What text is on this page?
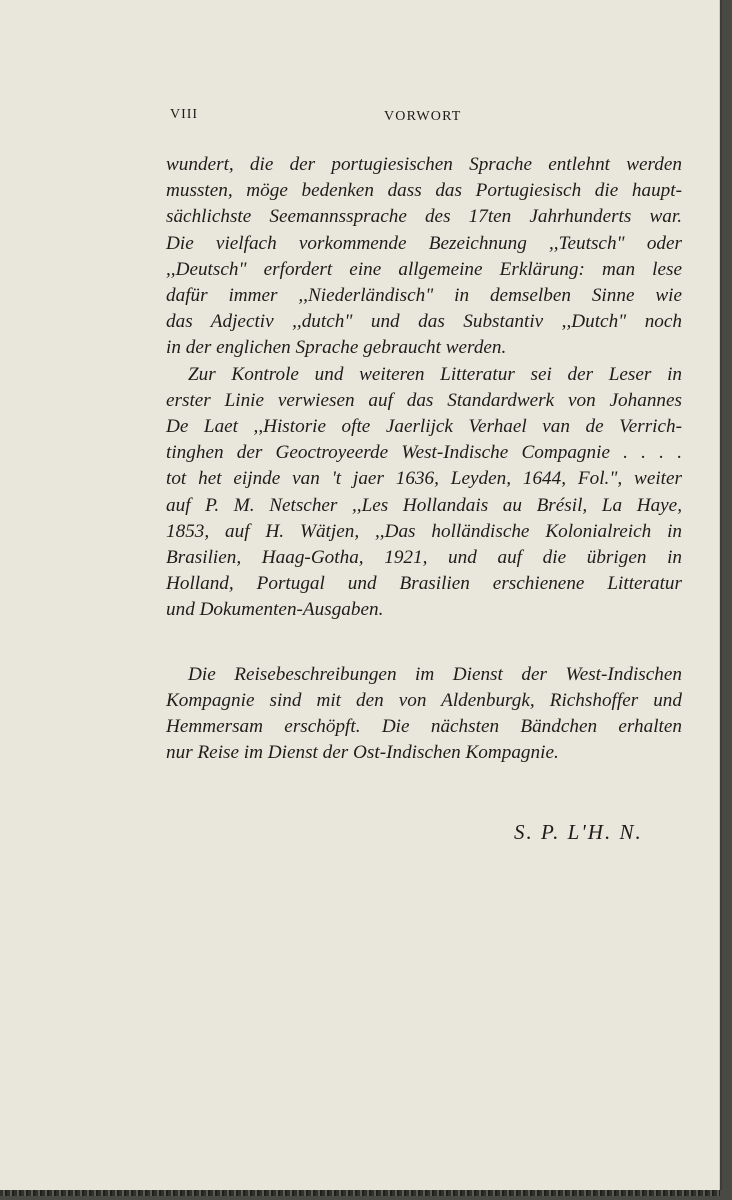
VIII	VORWORT

wundert, die der portugiesischen Sprache entlehnt werden
mussten, möge bedenken dass das Portugiesisch die haupt-
sächlichste Seemannssprache des 17ten Jahrhunderts war.
Die vielfach vorkommende Bezeichnung ,,Teutsch" oder
,,Deutsch" erfordert eine allgemeine Erklärung: man lese
dafür immer ,,Niederländisch" in demselben Sinne wie
das Adjectiv ,,dutch" und das Substantiv ,,Dutch" noch
in der englichen Sprache gebraucht werden.

Zur Kontrole und weiteren Litteratur sei der Leser in
erster Linie verwiesen auf das Standardwerk von Johannes
De Laet ,,Historie ofte Jaerlijck Verhael van de Verrich-
tinghen der Geoctroyeerde West-Indische Compagnie . . . .
tot het eijnde van 't jaer 1636, Leyden, 1644, Fol.", weiter
auf P. M. Netscher ,,Les Hollandais au Brésil, La Haye,
1853, auf H. Wätjen, ,,Das holländische Kolonialreich in
Brasilien, Haag-Gotha, 1921, und auf die übrigen in
Holland, Portugal und Brasilien erschienene Litteratur
und Dokumenten-Ausgaben.

Die Reisebeschreibungen im Dienst der West-Indischen
Kompagnie sind mit den von Aldenburgk, Richshoffer und
Hemmersam erschöpft. Die nächsten Bändchen erhalten
nur Reise im Dienst der Ost-Indischen Kompagnie.

S. P. L'H. N.
